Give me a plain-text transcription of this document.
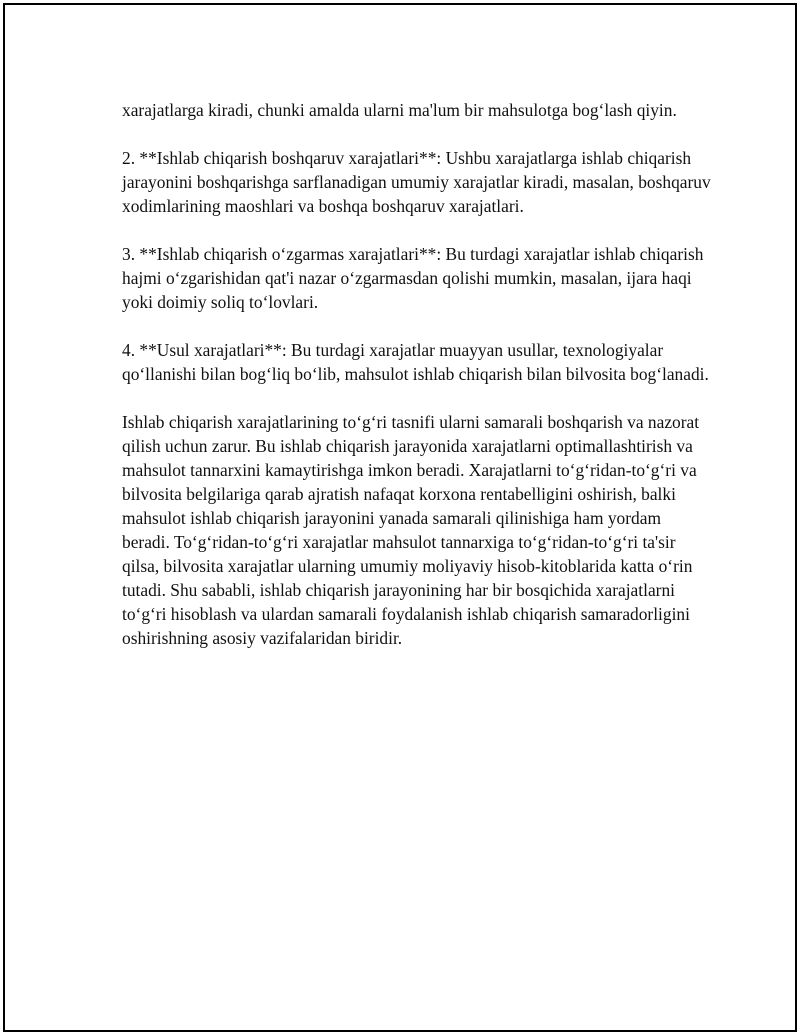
xarajatlarga kiradi, chunki amalda ularni ma'lum bir mahsulotga bog‘lash qiyin.

2. **Ishlab chiqarish boshqaruv xarajatlari**: Ushbu xarajatlarga ishlab chiqarish jarayonini boshqarishga sarflanadigan umumiy xarajatlar kiradi, masalan, boshqaruv xodimlarining maoshlari va boshqa boshqaruv xarajatlari.

3. **Ishlab chiqarish o‘zgarmas xarajatlari**: Bu turdagi xarajatlar ishlab chiqarish hajmi o‘zgarishidan qat'i nazar o‘zgarmasdan qolishi mumkin, masalan, ijara haqi yoki doimiy soliq to‘lovlari.

4. **Usul xarajatlari**: Bu turdagi xarajatlar muayyan usullar, texnologiyalar qo‘llanishi bilan bog‘liq bo‘lib, mahsulot ishlab chiqarish bilan bilvosita bog‘lanadi.

Ishlab chiqarish xarajatlarining to‘g‘ri tasnifi ularni samarali boshqarish va nazorat qilish uchun zarur. Bu ishlab chiqarish jarayonida xarajatlarni optimallashtirish va mahsulot tannarxini kamaytirishga imkon beradi. Xarajatlarni to‘g‘ridan-to‘g‘ri va bilvosita belgilariga qarab ajratish nafaqat korxona rentabelligini oshirish, balki mahsulot ishlab chiqarish jarayonini yanada samarali qilinishiga ham yordam beradi. To‘g‘ridan-to‘g‘ri xarajatlar mahsulot tannarxiga to‘g‘ridan-to‘g‘ri ta'sir qilsa, bilvosita xarajatlar ularning umumiy moliyaviy hisob-kitoblarida katta o‘rin tutadi. Shu sababli, ishlab chiqarish jarayonining har bir bosqichida xarajatlarni to‘g‘ri hisoblash va ulardan samarali foydalanish ishlab chiqarish samaradorligini oshirishning asosiy vazifalaridan biridir.
